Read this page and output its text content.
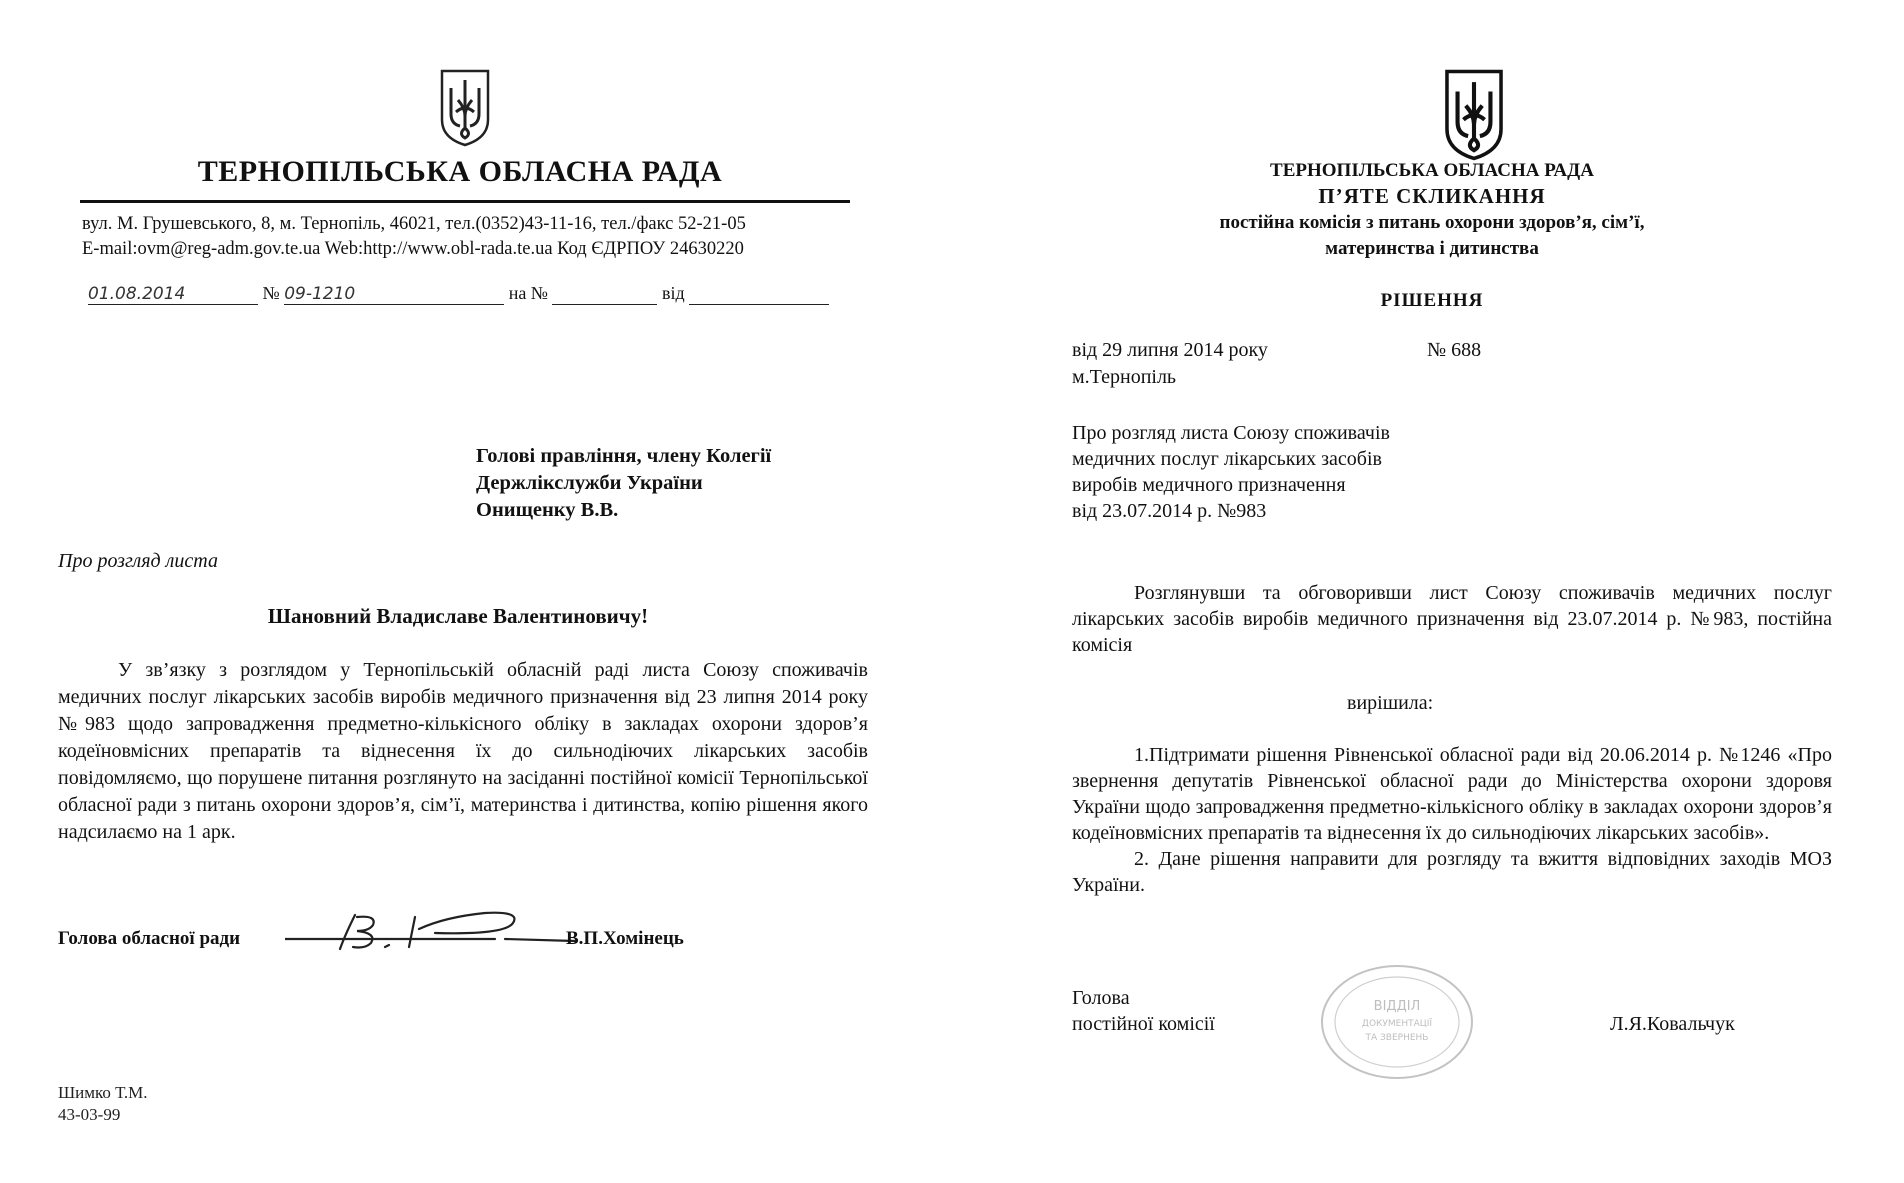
ТЕРНОПІЛЬСЬКА ОБЛАСНА РАДА
вул. М. Грушевського, 8, м. Тернопіль, 46021, тел.(0352)43-11-16, тел./факс 52-21-05
E-mail:ovm@reg-adm.gov.te.ua Web:http://www.obl-rada.te.ua Код ЄДРПОУ 24630220
01.08.2014	№ 09-1210	на №	від
Голові правління, члену Колегії
Держлікслужби України
Онищенку В.В.
Про розгляд листа
Шановний Владиславе Валентиновичу!

У зв’язку з розглядом у Тернопільській обласній раді листа Союзу споживачів медичних послуг лікарських засобів виробів медичного призначення від 23 липня 2014 року №983 щодо запровадження предметно-кількісного обліку в закладах охорони здоров’я кодеїновмісних препаратів та віднесення їх до сильнодіючих лікарських засобів повідомляємо, що порушене питання розглянуто на засіданні постійної комісії Тернопільської обласної ради з питань охорони здоров’я, сім’ї, материнства і дитинства, копію рішення якого надсилаємо на 1 арк.

Голова обласної ради	В.П.Хомінець
Шимко Т.М.
43-03-99
ТЕРНОПІЛЬСЬКА ОБЛАСНА РАДА
П’ЯТЕ СКЛИКАННЯ
постійна комісія з питань охорони здоров’я, сім’ї,
материнства і дитинства
РІШЕННЯ
від 29 липня 2014 року	№ 688
м.Тернопіль
Про розгляд листа Союзу споживачів
медичних послуг лікарських засобів
виробів медичного призначення
від 23.07.2014 р. №983

Розглянувши та обговоривши лист Союзу споживачів медичних послуг лікарських засобів виробів медичного призначення від 23.07.2014 р. №983, постійна комісія

вирішила:

1.Підтримати рішення Рівненської обласної ради від 20.06.2014 р. №1246 «Про звернення депутатів Рівненської обласної ради до Міністерства охорони здоровя України щодо запровадження предметно-кількісного обліку в закладах охорони здоров’я кодеїновмісних препаратів та віднесення їх до сильнодіючих лікарських засобів».

2. Дане рішення направити для розгляду та вжиття відповідних заходів МОЗ України.

Голова
постійної комісії
ВІДДІЛ
ДОКУМЕНТАЦІЇ
ТА ЗВЕРНЕНЬ
Л.Я.Ковальчук
